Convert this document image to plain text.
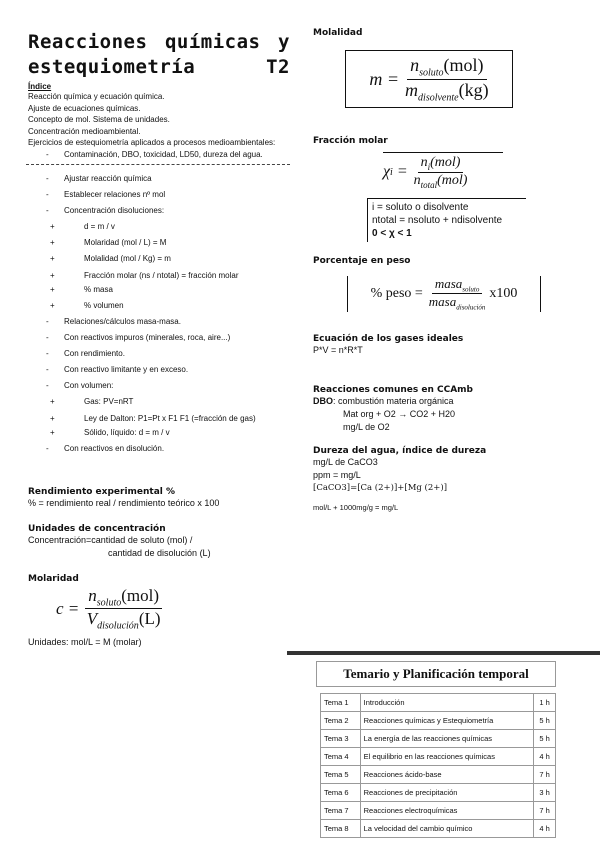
Reacciones químicas y
estequiometría	T2
Índice
Reacción química y ecuación química.
Ajuste de ecuaciones químicas.
Concepto de mol. Sistema de unidades.
Concentración medioambiental.
Ejercicios de estequiometría aplicados a procesos medioambientales:
- Contaminación, DBO, toxicidad, LD50, dureza del agua.
- Ajustar reacción química
- Establecer relaciones nº mol
- Concentración disoluciones:
+ d = m / v
+ Molaridad (mol / L) = M
+ Molalidad (mol / Kg) = m
+ Fracción molar (ns / ntotal) = fracción molar
+ % masa
+ % volumen
- Relaciones/cálculos masa-masa.
- Con reactivos impuros (minerales, roca, aire...)
- Con rendimiento.
- Con reactivo limitante y en exceso.
- Con volumen:
+ Gas: PV=nRT
+ Ley de Dalton: P1=Pt x F1 F1 (=fracción de gas)
+ Sólido, líquido: d = m / v
- Con reactivos en disolución.
Rendimiento experimental %
% = rendimiento real / rendimiento teórico x 100
Unidades de concentración
Concentración=cantidad de soluto (mol) /
cantidad de disolución (L)
Molaridad
$c = \frac{n_{soluto}(mol)}{V_{disolución}(L)}$
Unidades: mol/L = M (molar)
Molalidad
$m = \frac{n_{soluto}(mol)}{m_{disolvente}(kg)}$
Fracción molar
χ $i = \frac{n_i(mol)}{n_{total}(mol)}$
i = soluto o disolvente
ntotal = nsoluto + ndisolvente
0 < χ < 1
Porcentaje en peso
% peso = $\frac{masa_{soluto}}{masa_{disolución}} x100$
Ecuación de los gases ideales
P*V = n*R*T
Reacciones comunes en CCAmb
DBO: combustión materia orgánica
Mat org + O2 → CO2 + H20
mg/L de O2
Dureza del agua, índice de dureza
mg/L de CaCO3
ppm = mg/L
[CaCO3]=[Ca (2+)]+[Mg (2+)]
mol/L + 1000mg/g = mg/L
Temario y Planificación temporal
Tema 1	Introducción	1 h
Tema 2	Reacciones químicas y Estequiometría	5 h
Tema 3	La energía de las reacciones químicas	5 h
Tema 4	El equilibrio en las reacciones químicas	4 h
Tema 5	Reacciones ácido-base	7 h
Tema 6	Reacciones de precipitación	3 h
Tema 7	Reacciones electroquímicas	7 h
Tema 8	La velocidad del cambio químico	4 h
